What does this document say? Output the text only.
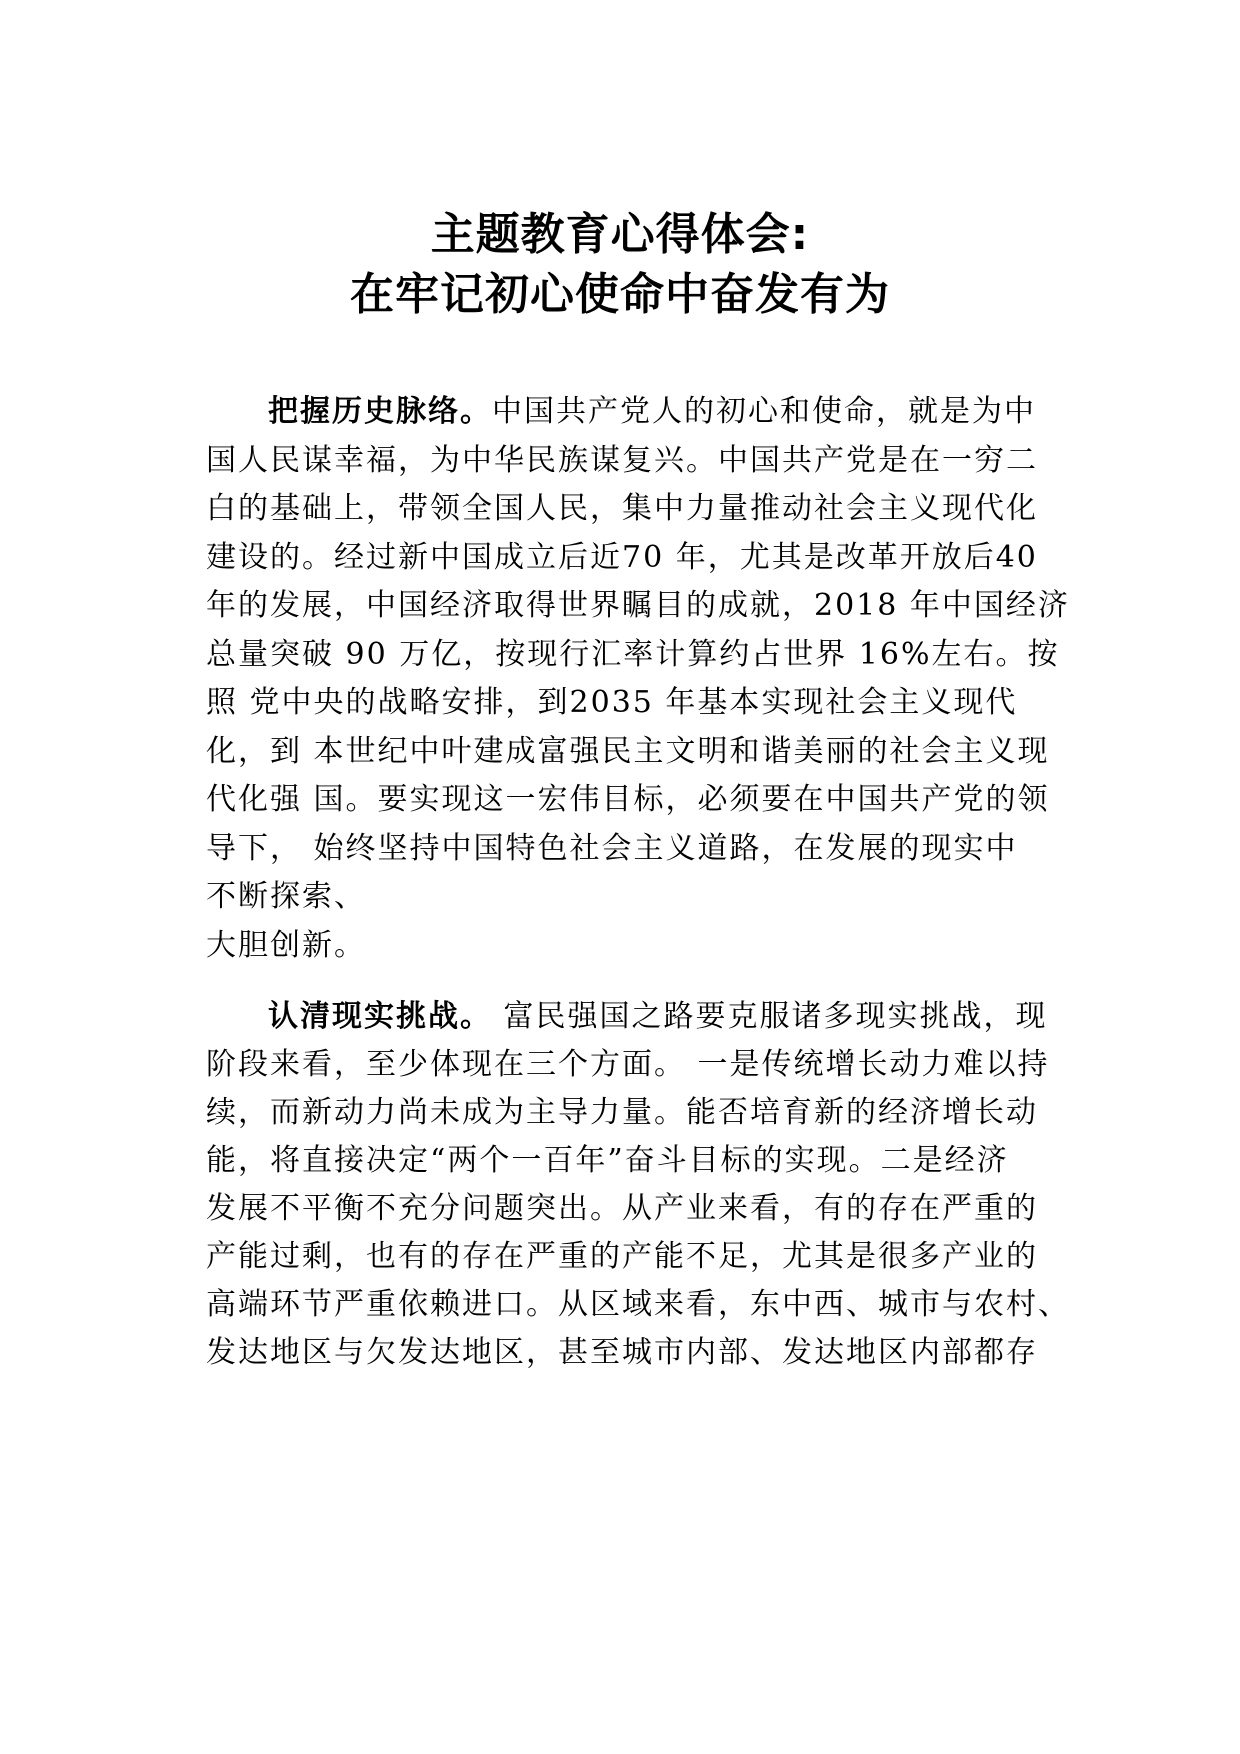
主题教育心得体会:
在牢记初心使命中奋发有为
把握历史脉络。中国共产党人的初心和使命，就是为中
国人民谋幸福，为中华民族谋复兴。中国共产党是在一穷二
白的基础上，带领全国人民，集中力量推动社会主义现代化
建设的。经过新中国成立后近70 年，尤其是改革开放后40
年的发展，中国经济取得世界瞩目的成就，2018 年中国经济
总量突破 90 万亿，按现行汇率计算约占世界 16%左右。按
照 党中央的战略安排，到2035 年基本实现社会主义现代
化，到 本世纪中叶建成富强民主文明和谐美丽的社会主义现
代化强 国。要实现这一宏伟目标，必须要在中国共产党的领
导下， 始终坚持中国特色社会主义道路，在发展的现实中
不断探索、
大胆创新。
认清现实挑战。 富民强国之路要克服诸多现实挑战，现
阶段来看，至少体现在三个方面。 一是传统增长动力难以持
续，而新动力尚未成为主导力量。能否培育新的经济增长动
能，将直接决定“两个一百年”奋斗目标的实现。二是经济
发展不平衡不充分问题突出。从产业来看，有的存在严重的
产能过剩，也有的存在严重的产能不足，尤其是很多产业的
高端环节严重依赖进口。从区域来看，东中西、城市与农村、
发达地区与欠发达地区，甚至城市内部、发达地区内部都存
